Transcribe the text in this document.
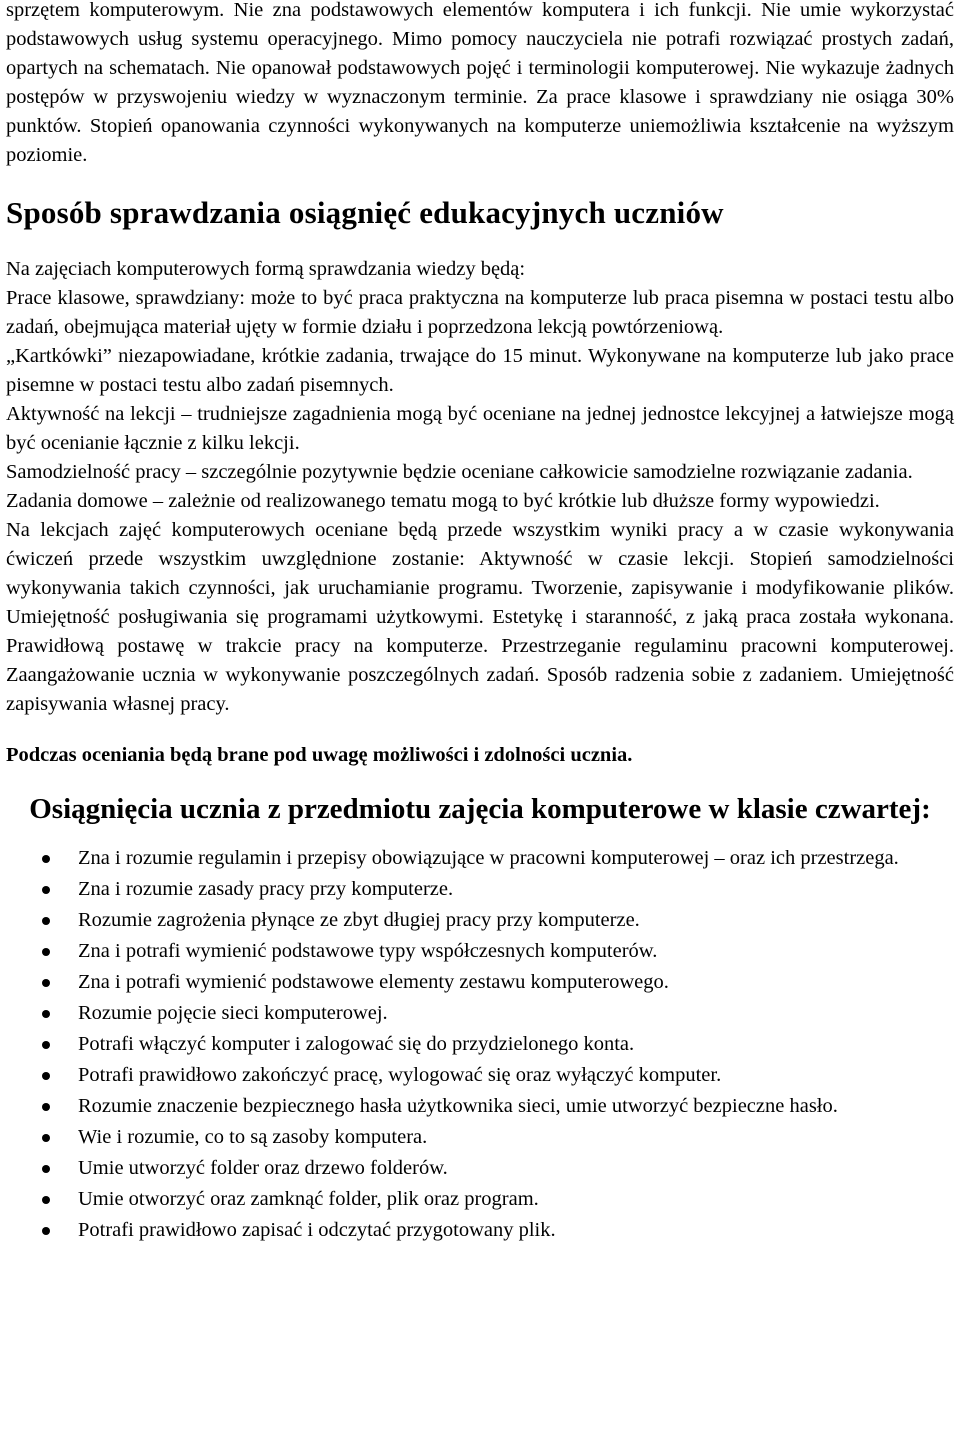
sprzętem komputerowym. Nie zna podstawowych elementów komputera i ich funkcji. Nie umie wykorzystać podstawowych usług systemu operacyjnego. Mimo pomocy nauczyciela nie potrafi rozwiązać prostych zadań, opartych na schematach. Nie opanował podstawowych pojęć i terminologii komputerowej. Nie wykazuje żadnych postępów w przyswojeniu wiedzy w wyznaczonym terminie. Za prace klasowe i sprawdziany nie osiąga 30% punktów. Stopień opanowania czynności wykonywanych na komputerze uniemożliwia kształcenie na wyższym poziomie.

Sposób sprawdzania osiągnięć edukacyjnych uczniów

Na zajęciach komputerowych formą sprawdzania wiedzy będą:

Prace klasowe, sprawdziany: może to być praca praktyczna na komputerze lub praca pisemna w postaci testu albo zadań, obejmująca materiał ujęty w formie działu i poprzedzona lekcją powtórzeniową.

„Kartkówki” niezapowiadane, krótkie zadania, trwające do 15 minut. Wykonywane na komputerze lub jako prace pisemne w postaci testu albo zadań pisemnych.

Aktywność na lekcji – trudniejsze zagadnienia mogą być oceniane na jednej jednostce lekcyjnej a łatwiejsze mogą być ocenianie łącznie z kilku lekcji.

Samodzielność pracy – szczególnie pozytywnie będzie oceniane całkowicie samodzielne rozwiązanie zadania.

Zadania domowe – zależnie od realizowanego tematu mogą to być krótkie lub dłuższe formy wypowiedzi.

Na lekcjach zajęć komputerowych oceniane będą przede wszystkim wyniki pracy a w czasie wykonywania ćwiczeń przede wszystkim uwzględnione zostanie: Aktywność w czasie lekcji. Stopień samodzielności wykonywania takich czynności, jak uruchamianie programu. Tworzenie, zapisywanie i modyfikowanie plików. Umiejętność posługiwania się programami użytkowymi. Estetykę i staranność, z jaką praca została wykonana. Prawidłową postawę w trakcie pracy na komputerze. Przestrzeganie regulaminu pracowni komputerowej. Zaangażowanie ucznia w wykonywanie poszczególnych zadań. Sposób radzenia sobie z zadaniem. Umiejętność zapisywania własnej pracy.

Podczas oceniania będą brane pod uwagę możliwości i zdolności ucznia.

Osiągnięcia ucznia z przedmiotu zajęcia komputerowe w klasie czwartej:
Zna i rozumie regulamin i przepisy obowiązujące w pracowni komputerowej – oraz ich przestrzega.
Zna i rozumie zasady pracy przy komputerze.
Rozumie zagrożenia płynące ze zbyt długiej pracy przy komputerze.
Zna i potrafi wymienić podstawowe typy współczesnych komputerów.
Zna i potrafi wymienić podstawowe elementy zestawu komputerowego.
Rozumie pojęcie sieci komputerowej.
Potrafi włączyć komputer i zalogować się do przydzielonego konta.
Potrafi prawidłowo zakończyć pracę, wylogować się oraz wyłączyć komputer.
Rozumie znaczenie bezpiecznego hasła użytkownika sieci, umie utworzyć bezpieczne hasło.
Wie i rozumie, co to są zasoby komputera.
Umie utworzyć folder oraz drzewo folderów.
Umie otworzyć oraz zamknąć folder, plik oraz program.
Potrafi prawidłowo zapisać i odczytać przygotowany plik.
